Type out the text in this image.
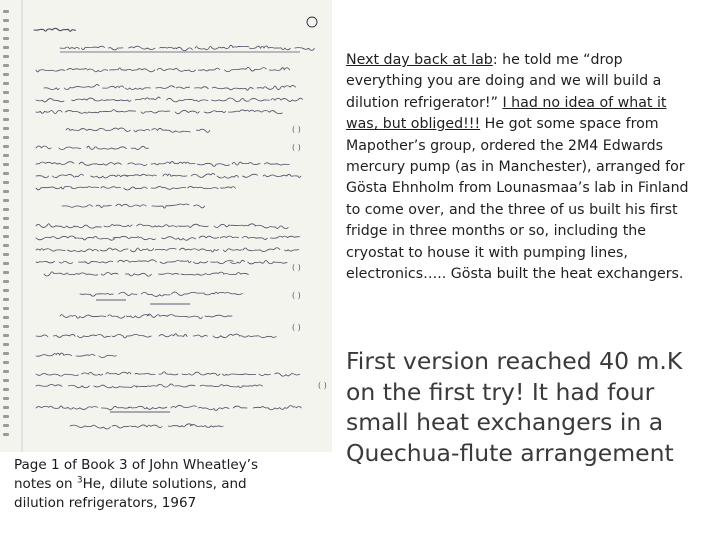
( )
( )
( )
( )
( )
( )
Page 1 of Book 3 of John Wheatley’s
notes on $^3$He, dilute solutions, and
dilution refrigerators, 1967
Next day back at lab: he told me “drop everything you are doing and we will build a dilution refrigerator!” I had no idea of what it was, but obliged!!! He got some space from Mapother’s group, ordered the 2M4 Edwards mercury pump (as in Manchester), arranged for Gösta Ehnholm from Lounasmaa’s lab in Finland to come over, and the three of us built his first fridge in three months or so, including the cryostat to house it with pumping lines, electronics….. Gösta built the heat exchangers.
First version reached 40 m.K on the first try! It had four small heat exchangers in a Quechua-flute arrangement
